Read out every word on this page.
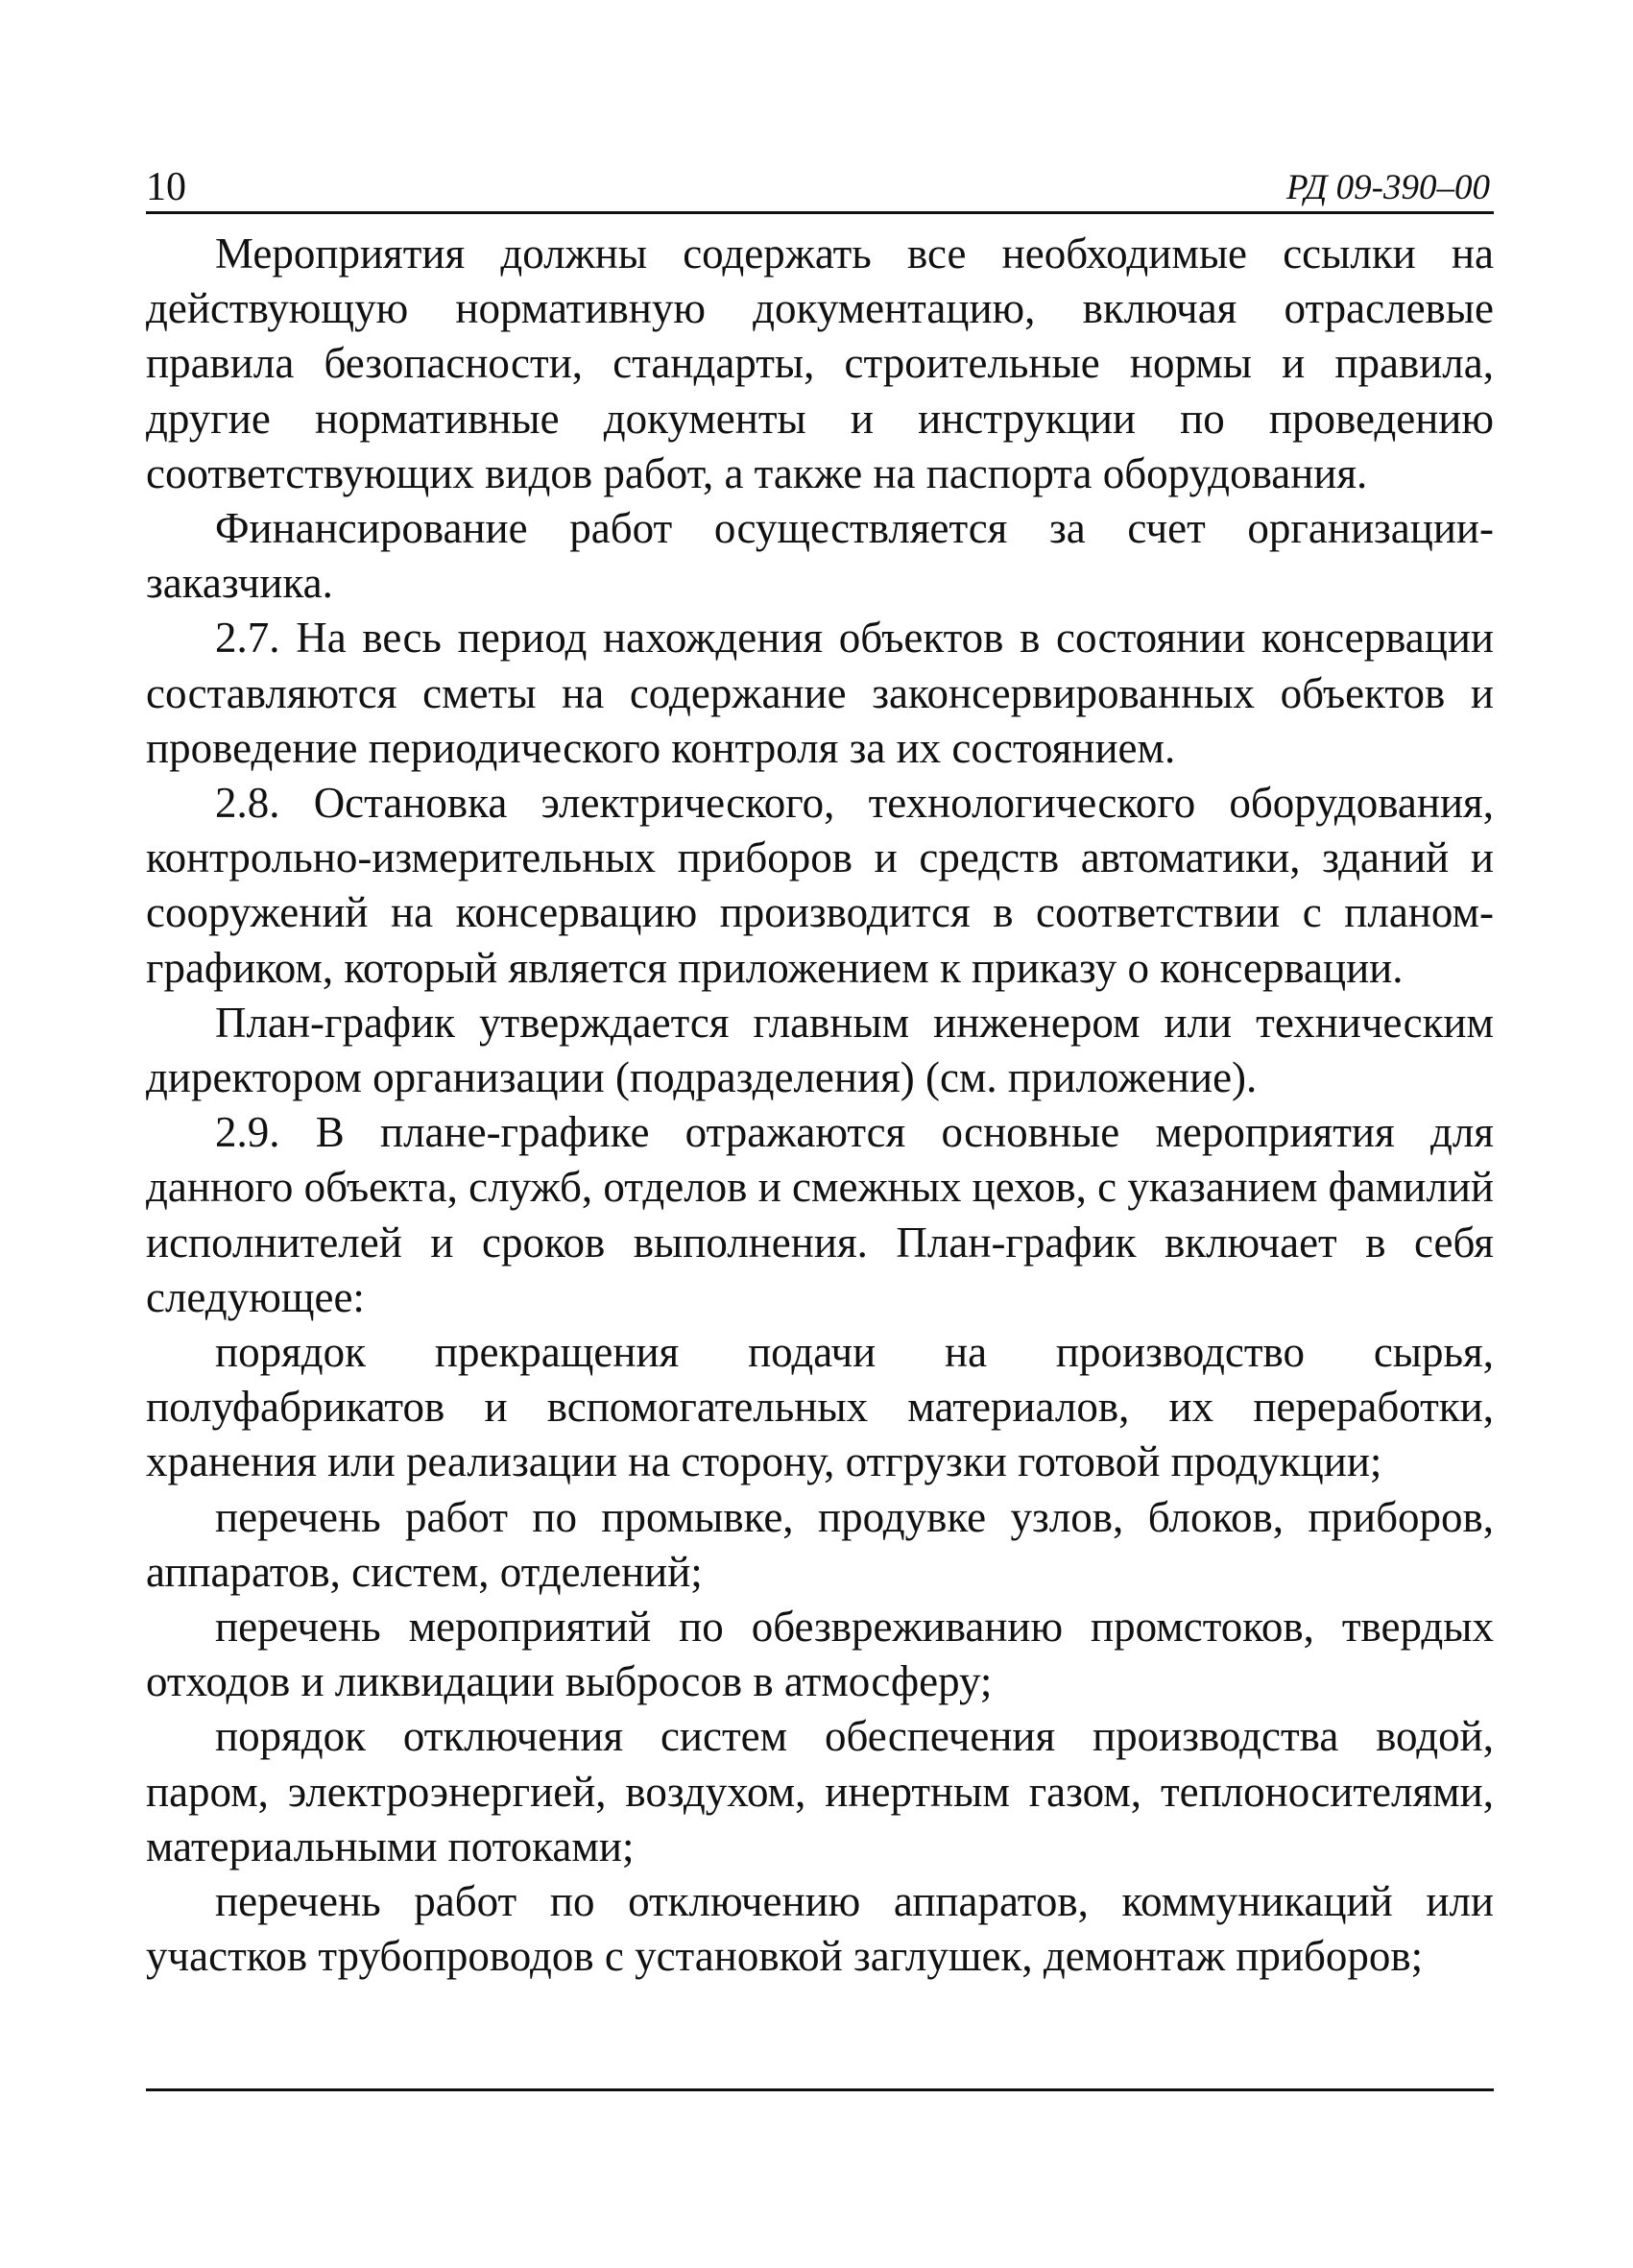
10	РД 09-390–00

Мероприятия должны содержать все необходимые ссылки на действующую нормативную документацию, включая отраслевые правила безопасности, стандарты, строительные нормы и правила, другие нормативные документы и инструкции по проведению соответствующих видов работ, а также на паспорта оборудования.

Финансирование работ осуществляется за счет организации-заказчика.

2.7. На весь период нахождения объектов в состоянии консервации составляются сметы на содержание законсервированных объектов и проведение периодического контроля за их состоянием.

2.8. Остановка электрического, технологического оборудования, контрольно-измерительных приборов и средств автоматики, зданий и сооружений на консервацию производится в соответствии с планом-графиком, который является приложением к приказу о консервации.

План-график утверждается главным инженером или техническим директором организации (подразделения) (см. приложение).

2.9. В плане-графике отражаются основные мероприятия для данного объекта, служб, отделов и смежных цехов, с указанием фамилий исполнителей и сроков выполнения. План-график включает в себя следующее:

порядок прекращения подачи на производство сырья, полуфабрикатов и вспомогательных материалов, их переработки, хранения или реализации на сторону, отгрузки готовой продукции;

перечень работ по промывке, продувке узлов, блоков, приборов, аппаратов, систем, отделений;

перечень мероприятий по обезвреживанию промстоков, твердых отходов и ликвидации выбросов в атмосферу;

порядок отключения систем обеспечения производства водой, паром, электроэнергией, воздухом, инертным газом, теплоносителями, материальными потоками;

перечень работ по отключению аппаратов, коммуникаций или участков трубопроводов с установкой заглушек, демонтаж приборов;
